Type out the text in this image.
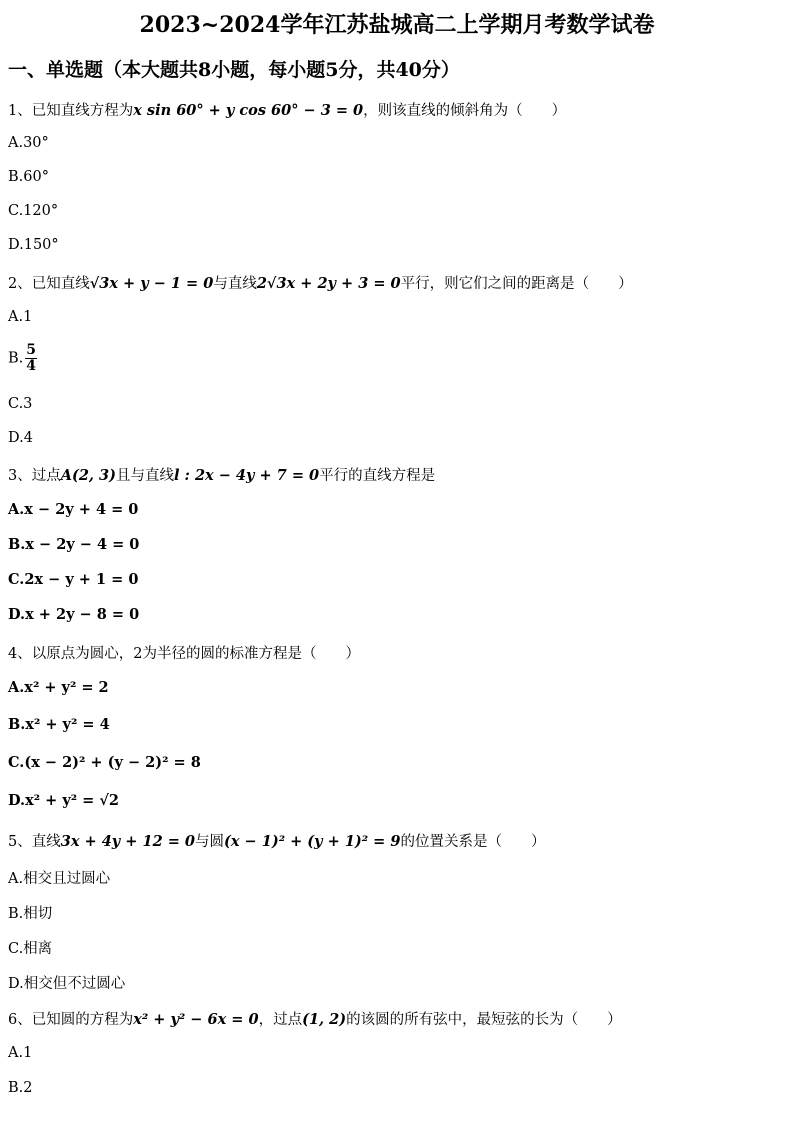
2023~2024学年江苏盐城高二上学期月考数学试卷
一、单选题（本大题共8小题，每小题5分，共40分）
1、已知直线方程为x sin 60° + y cos 60° − 3 = 0，则该直线的倾斜角为（　　）
A.30°
B.60°
C.120°
D.150°
2、已知直线√3x + y − 1 = 0与直线2√3x + 2y + 3 = 0平行，则它们之间的距离是（　　）
A.1
B. $\frac{5}{4}$
C.3
D.4
3、过点A(2, 3)且与直线l : 2x − 4y + 7 = 0平行的直线方程是
A.x − 2y + 4 = 0
B.x − 2y − 4 = 0
C.2x − y + 1 = 0
D.x + 2y − 8 = 0
4、以原点为圆心，2为半径的圆的标准方程是（　　）
A.x² + y² = 2
B.x² + y² = 4
C.(x − 2)² + (y − 2)² = 8
D.x² + y² = √2
5、直线3x + 4y + 12 = 0与圆(x − 1)² + (y + 1)² = 9的位置关系是（　　）
A.相交且过圆心
B.相切
C.相离
D.相交但不过圆心
6、已知圆的方程为x² + y² − 6x = 0，过点(1, 2)的该圆的所有弦中，最短弦的长为（　　）
A.1
B.2
